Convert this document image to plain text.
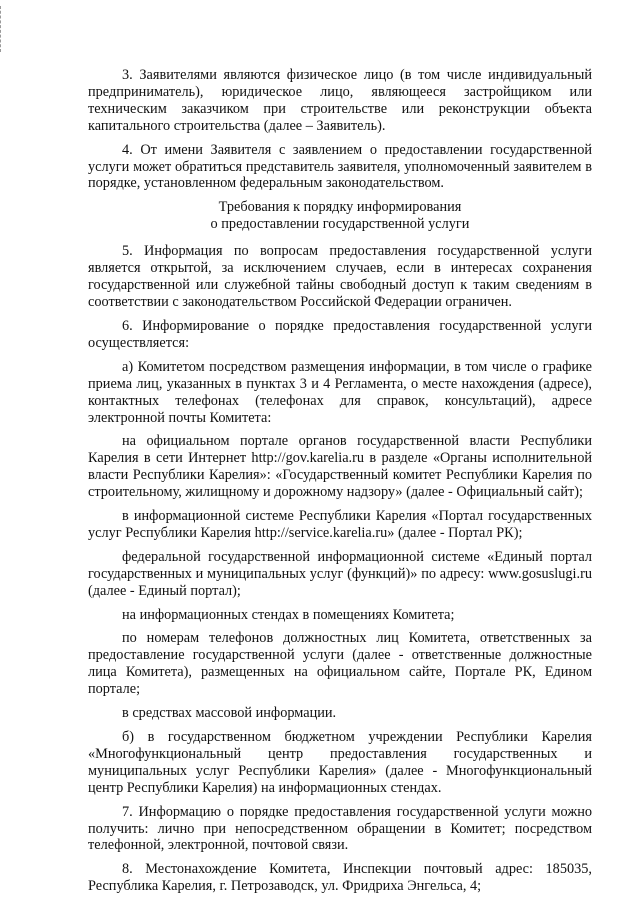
3. Заявителями являются физическое лицо (в том числе индивидуальный предприниматель), юридическое лицо, являющееся застройщиком или техническим заказчиком при строительстве или реконструкции объекта капитального строительства (далее – Заявитель).

4. От имени Заявителя с заявлением о предоставлении государственной услуги может обратиться представитель заявителя, уполномоченный заявителем в порядке, установленном федеральным законодательством.

Требования к порядку информирования
о предоставлении государственной услуги

5. Информация по вопросам предоставления государственной услуги является открытой, за исключением случаев, если в интересах сохранения государственной или служебной тайны свободный доступ к таким сведениям в соответствии с законодательством Российской Федерации ограничен.

6. Информирование о порядке предоставления государственной услуги осуществляется:

а) Комитетом посредством размещения информации, в том числе о графике приема лиц, указанных в пунктах 3 и 4 Регламента, о месте нахождения (адресе), контактных телефонах (телефонах для справок, консультаций), адресе электронной почты Комитета:

на официальном портале органов государственной власти Республики Карелия в сети Интернет http://gov.karelia.ru в разделе «Органы исполнительной власти Республики Карелия»: «Государственный комитет Республики Карелия по строительному, жилищному и дорожному надзору» (далее - Официальный сайт);

в информационной системе Республики Карелия «Портал государственных услуг Республики Карелия http://service.karelia.ru» (далее - Портал РК);

федеральной государственной информационной системе «Единый портал государственных и муниципальных услуг (функций)» по адресу: www.gosuslugi.ru (далее - Единый портал);

на информационных стендах в помещениях Комитета;

по номерам телефонов должностных лиц Комитета, ответственных за предоставление государственной услуги (далее - ответственные должностные лица Комитета), размещенных на официальном сайте, Портале РК, Едином портале;

в средствах массовой информации.

б) в государственном бюджетном учреждении Республики Карелия «Многофункциональный центр предоставления государственных и муниципальных услуг Республики Карелия» (далее - Многофункциональный центр Республики Карелия) на информационных стендах.

7. Информацию о порядке предоставления государственной услуги можно получить: лично при непосредственном обращении в Комитет; посредством телефонной, электронной, почтовой связи.

8. Местонахождение Комитета, Инспекции почтовый адрес: 185035, Республика Карелия, г. Петрозаводск, ул. Фридриха Энгельса, 4;
